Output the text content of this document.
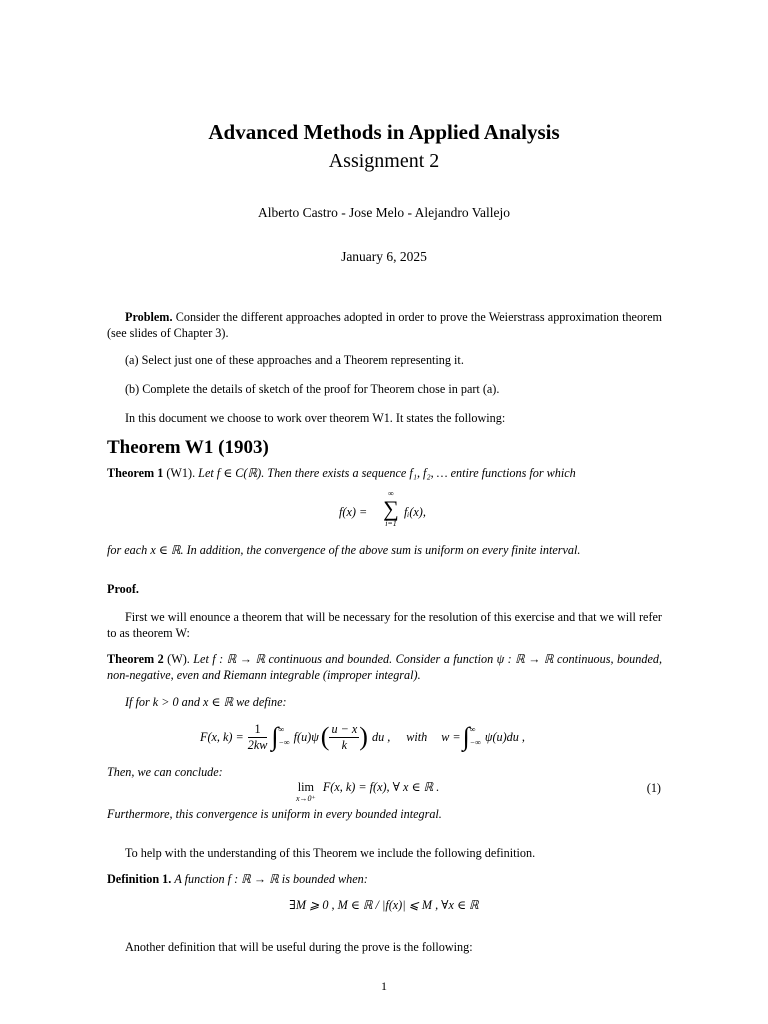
Advanced Methods in Applied Analysis
Assignment 2
Alberto Castro - Jose Melo - Alejandro Vallejo
January 6, 2025
Problem. Consider the different approaches adopted in order to prove the Weierstrass approximation theorem (see slides of Chapter 3).
(a) Select just one of these approaches and a Theorem representing it.
(b) Complete the details of sketch of the proof for Theorem chose in part (a).
In this document we choose to work over theorem W1. It states the following:
Theorem W1 (1903)
Theorem 1 (W1). Let f ∈ C(ℝ). Then there exists a sequence f₁, f₂, … entire functions for which
f(x) =
∞
∑
i=1
fᵢ(x),
for each x ∈ ℝ. In addition, the convergence of the above sum is uniform on every finite interval.
Proof.
First we will enounce a theorem that will be necessary for the resolution of this exercise and that we will refer to as theorem W:
Theorem 2 (W). Let f : ℝ → ℝ continuous and bounded. Consider a function ψ : ℝ → ℝ continuous, bounded, non-negative, even and Riemann integrable (improper integral).
If for k > 0 and x ∈ ℝ we define:
F(x, $k) = \frac{1}{2kw}$ ∫ ∞
−∞ f(u)ψ ( $\frac{u - x}{k}$ ) du , with w = ∫ ∞
−∞ ψ(u)du ,
Then, we can conclude:
lim
x→0⁺
F(x, k) = f(x), ∀ x ∈ ℝ .	(1)
Furthermore, this convergence is uniform in every bounded integral.
To help with the understanding of this Theorem we include the following definition.
Definition 1. A function f : ℝ → ℝ is bounded when:
∃M ⩾ 0 , M ∈ ℝ / |f(x)| ⩽ M , ∀x ∈ ℝ
Another definition that will be useful during the prove is the following:
1
